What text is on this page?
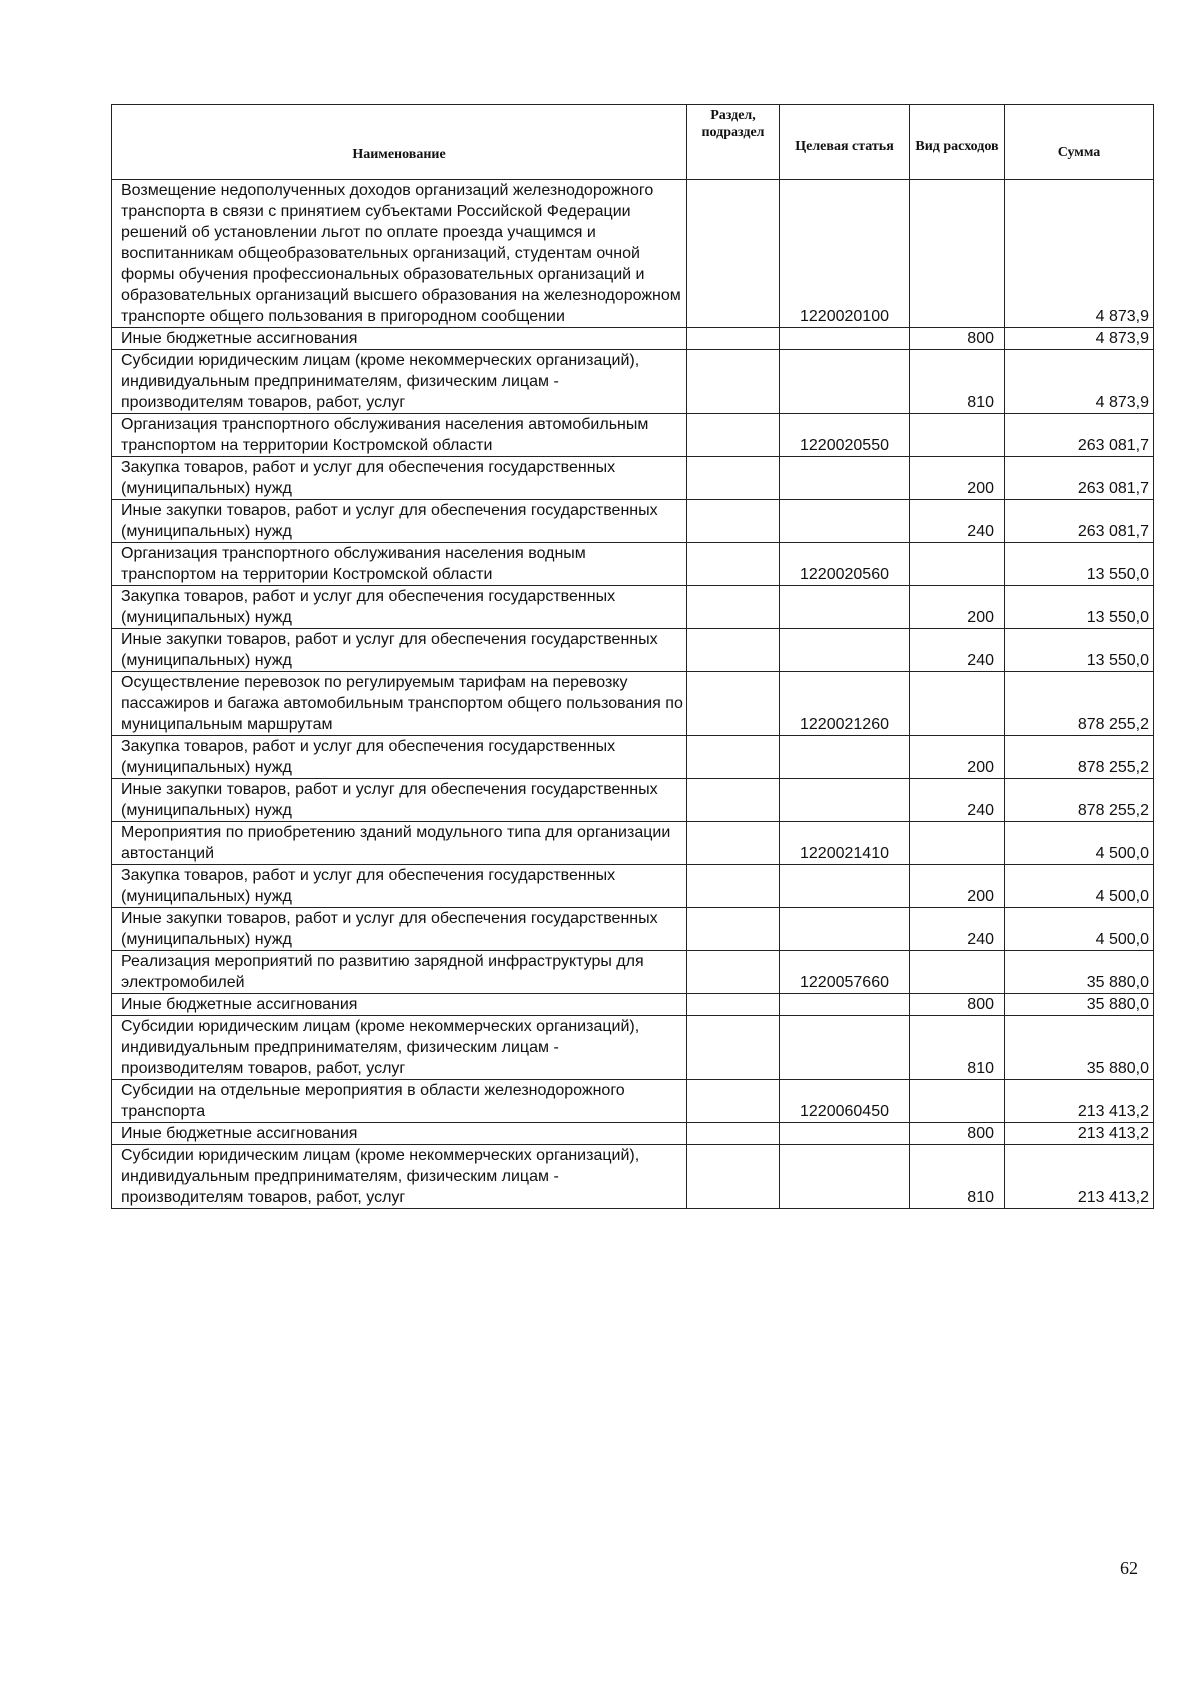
Наименование	Раздел, подраздел	Целевая статья	Вид расходов	Сумма
Возмещение недополученных доходов организаций железнодорожного транспорта в связи с принятием субъектами Российской Федерации решений об установлении льгот по оплате проезда учащимся и воспитанникам общеобразовательных организаций, студентам очной формы обучения профессиональных образовательных организаций и образовательных организаций высшего образования на железнодорожном транспорте общего пользования в пригородном сообщении		1220020100		4 873,9
Иные бюджетные ассигнования			800	4 873,9
Субсидии юридическим лицам (кроме некоммерческих организаций), индивидуальным предпринимателям, физическим лицам - производителям товаров, работ, услуг			810	4 873,9
Организация транспортного обслуживания населения автомобильным транспортом на территории Костромской области		1220020550		263 081,7
Закупка товаров, работ и услуг для обеспечения государственных (муниципальных) нужд			200	263 081,7
Иные закупки товаров, работ и услуг для обеспечения государственных (муниципальных) нужд			240	263 081,7
Организация транспортного обслуживания населения водным транспортом на территории Костромской области		1220020560		13 550,0
Закупка товаров, работ и услуг для обеспечения государственных (муниципальных) нужд			200	13 550,0
Иные закупки товаров, работ и услуг для обеспечения государственных (муниципальных) нужд			240	13 550,0
Осуществление перевозок по регулируемым тарифам на перевозку пассажиров и багажа автомобильным транспортом общего пользования по муниципальным маршрутам		1220021260		878 255,2
Закупка товаров, работ и услуг для обеспечения государственных (муниципальных) нужд			200	878 255,2
Иные закупки товаров, работ и услуг для обеспечения государственных (муниципальных) нужд			240	878 255,2
Мероприятия по приобретению зданий модульного типа для организации автостанций		1220021410		4 500,0
Закупка товаров, работ и услуг для обеспечения государственных (муниципальных) нужд			200	4 500,0
Иные закупки товаров, работ и услуг для обеспечения государственных (муниципальных) нужд			240	4 500,0
Реализация мероприятий по развитию зарядной инфраструктуры для электромобилей		1220057660		35 880,0
Иные бюджетные ассигнования			800	35 880,0
Субсидии юридическим лицам (кроме некоммерческих организаций), индивидуальным предпринимателям, физическим лицам - производителям товаров, работ, услуг			810	35 880,0
Субсидии на отдельные мероприятия в области железнодорожного транспорта		1220060450		213 413,2
Иные бюджетные ассигнования			800	213 413,2
Субсидии юридическим лицам (кроме некоммерческих организаций), индивидуальным предпринимателям, физическим лицам - производителям товаров, работ, услуг			810	213 413,2
62
